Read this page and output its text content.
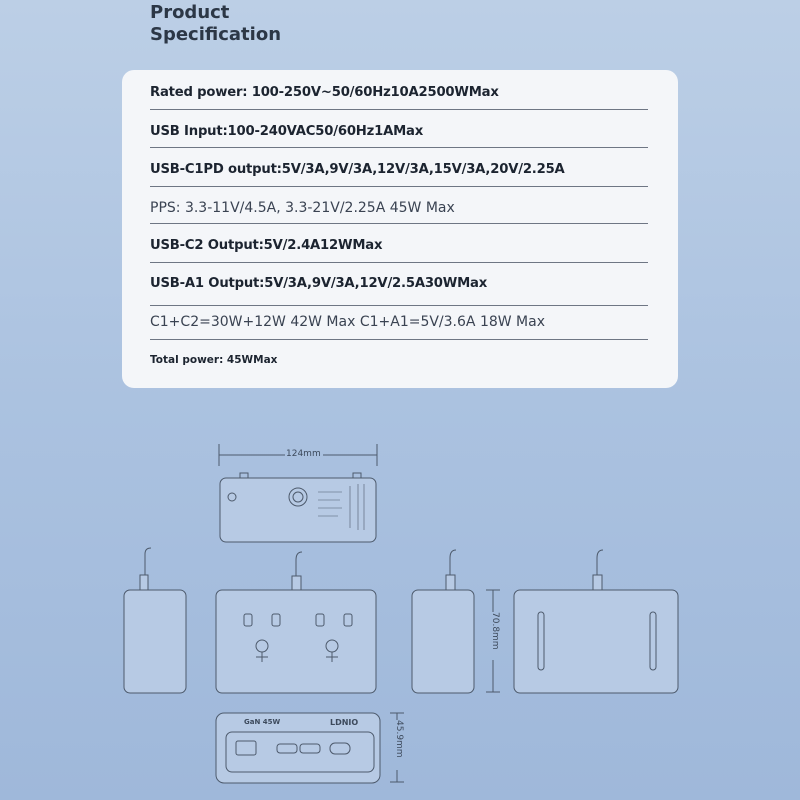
Product
Specification
Rated power: 100-250V~50/60Hz10A2500WMax
USB Input:100-240VAC50/60Hz1AMax
USB-C1PD output:5V/3A,9V/3A,12V/3A,15V/3A,20V/2.25A
PPS: 3.3-11V/4.5A, 3.3-21V/2.25A 45W Max
USB-C2 Output:5V/2.4A12WMax
USB-A1 Output:5V/3A,9V/3A,12V/2.5A30WMax
C1+C2=30W+12W 42W Max C1+A1=5V/3.6A 18W Max
Total power: 45WMax
124mm
70.8mm
45.9mm
GaN 45W	LDNIO
